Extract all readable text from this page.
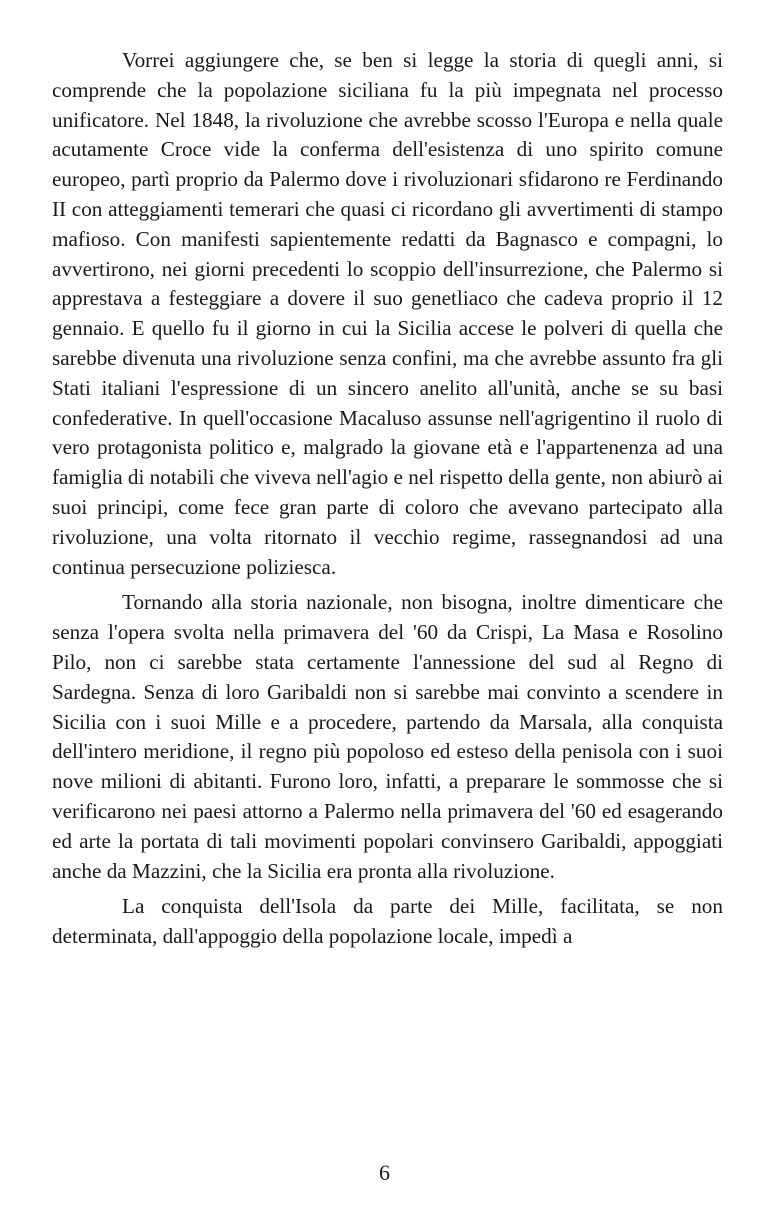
Vorrei aggiungere che, se ben si legge la storia di quegli anni, si comprende che la popolazione siciliana fu la più impegnata nel processo unificatore. Nel 1848, la rivoluzione che avrebbe scosso l'Europa e nella quale acutamente Croce vide la conferma dell'esistenza di uno spirito comune europeo, partì proprio da Palermo dove i rivoluzionari sfidarono re Ferdinando II con atteggiamenti temerari che quasi ci ricordano gli avvertimenti di stampo mafioso. Con manifesti sapientemente redatti da Bagnasco e compagni, lo avvertirono, nei giorni precedenti lo scoppio dell'insurrezione, che Palermo si apprestava a festeggiare a dovere il suo genetliaco che cadeva proprio il 12 gennaio. E quello fu il giorno in cui la Sicilia accese le polveri di quella che sarebbe divenuta una rivoluzione senza confini, ma che avrebbe assunto fra gli Stati italiani l'espressione di un sincero anelito all'unità, anche se su basi confederative. In quell'occasione Macaluso assunse nell'agrigentino il ruolo di vero protagonista politico e, malgrado la giovane età e l'appartenenza ad una famiglia di notabili che viveva nell'agio e nel rispetto della gente, non abiurò ai suoi principi, come fece gran parte di coloro che avevano partecipato alla rivoluzione, una volta ritornato il vecchio regime, rassegnandosi ad una continua persecuzione poliziesca.

Tornando alla storia nazionale, non bisogna, inoltre dimenticare che senza l'opera svolta nella primavera del '60 da Crispi, La Masa e Rosolino Pilo, non ci sarebbe stata certamente l'annessione del sud al Regno di Sardegna. Senza di loro Garibaldi non si sarebbe mai convinto a scendere in Sicilia con i suoi Mille e a procedere, partendo da Marsala, alla conquista dell'intero meridione, il regno più popoloso ed esteso della penisola con i suoi nove milioni di abitanti. Furono loro, infatti, a preparare le sommosse che si verificarono nei paesi attorno a Palermo nella primavera del '60 ed esagerando ed arte la portata di tali movimenti popolari convinsero Garibaldi, appoggiati anche da Mazzini, che la Sicilia era pronta alla rivoluzione.

La conquista dell'Isola da parte dei Mille, facilitata, se non determinata, dall'appoggio della popolazione locale, impedì a

6
